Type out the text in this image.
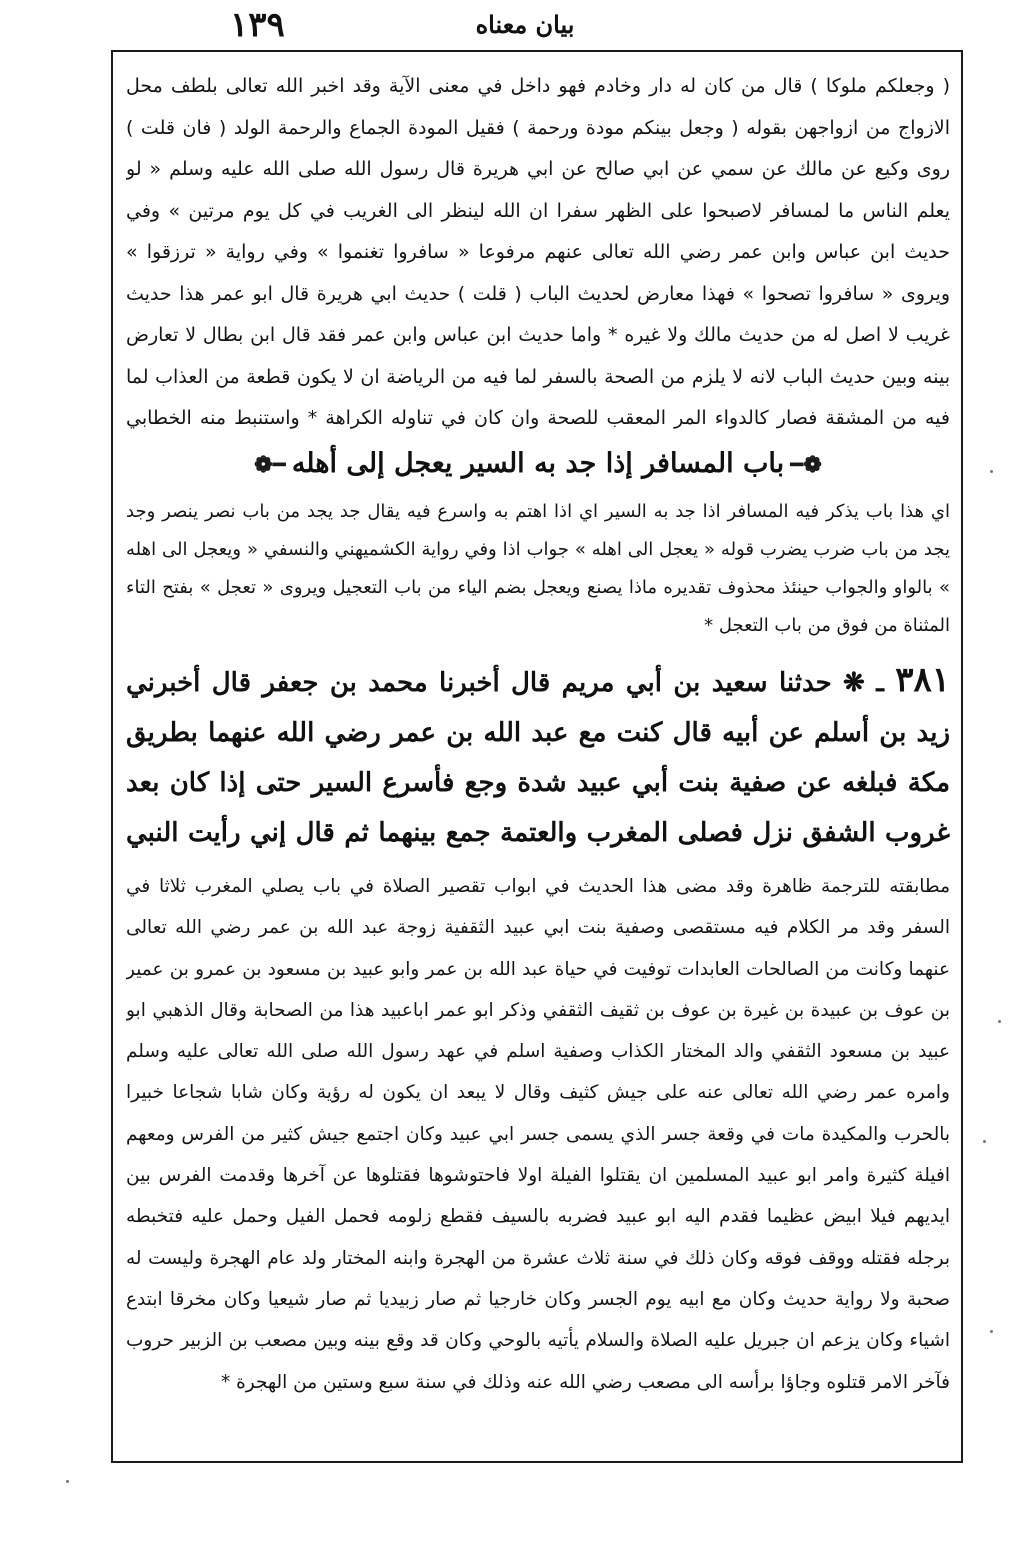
١٣٩	بيان معناه

( وجعلكم ملوكا ) قال من كان له دار وخادم فهو داخل في معنى الآية وقد اخبر الله تعالى بلطف محل الازواج من ازواجهن بقوله ( وجعل بينكم مودة ورحمة ) فقيل المودة الجماع والرحمة الولد ( فان قلت ) روى وكيع عن مالك عن سمي عن ابي صالح عن ابي هريرة قال رسول الله صلى الله عليه وسلم « لو يعلم الناس ما لمسافر لاصبحوا على الظهر سفرا ان الله لينظر الى الغريب في كل يوم مرتين » وفي حديث ابن عباس وابن عمر رضي الله تعالى عنهم مرفوعا « سافروا تغنموا » وفي رواية « ترزقوا » ويروى « سافروا تصحوا » فهذا معارض لحديث الباب ( قلت ) حديث ابي هريرة قال ابو عمر هذا حديث غريب لا اصل له من حديث مالك ولا غيره * واما حديث ابن عباس وابن عمر فقد قال ابن بطال لا تعارض بينه وبين حديث الباب لانه لا يلزم من الصحة بالسفر لما فيه من الرياضة ان لا يكون قطعة من العذاب لما فيه من المشقة فصار كالدواء المر المعقب للصحة وان كان في تناوله الكراهة * واستنبط منه الخطابي

❁━باب المسافر إذا جد به السير يعجل إلى أهله━❁

اي هذا باب يذكر فيه المسافر اذا جد به السير اي اذا اهتم به واسرع فيه يقال جد يجد من باب نصر ينصر وجد يجد من باب ضرب يضرب قوله « يعجل الى اهله » جواب اذا وفي رواية الكشميهني والنسفي « ويعجل الى اهله » بالواو والجواب حينئذ محذوف تقديره ماذا يصنع ويعجل بضم الياء من باب التعجيل ويروى « تعجل » بفتح التاء المثناة من فوق من باب التعجل *

٣٨١ ـ ❋ حدثنا سعيد بن أبي مريم قال أخبرنا محمد بن جعفر قال أخبرني زيد بن أسلم عن أبيه قال كنت مع عبد الله بن عمر رضي الله عنهما بطريق مكة فبلغه عن صفية بنت أبي عبيد شدة وجع فأسرع السير حتى إذا كان بعد غروب الشفق نزل فصلى المغرب والعتمة جمع بينهما ثم قال إني رأيت النبي

مطابقته للترجمة ظاهرة وقد مضى هذا الحديث في ابواب تقصير الصلاة في باب يصلي المغرب ثلاثا في السفر وقد مر الكلام فيه مستقصى وصفية بنت ابي عبيد الثقفية زوجة عبد الله بن عمر رضي الله تعالى عنهما وكانت من الصالحات العابدات توفيت في حياة عبد الله بن عمر وابو عبيد بن مسعود بن عمرو بن عمير بن عوف بن عبيدة بن غيرة بن عوف بن ثقيف الثقفي وذكر ابو عمر اباعبيد هذا من الصحابة وقال الذهبي ابو عبيد بن مسعود الثقفي والد المختار الكذاب وصفية اسلم في عهد رسول الله صلى الله تعالى عليه وسلم وامره عمر رضي الله تعالى عنه على جيش كثيف وقال لا يبعد ان يكون له رؤية وكان شابا شجاعا خبيرا بالحرب والمكيدة مات في وقعة جسر الذي يسمى جسر ابي عبيد وكان اجتمع جيش كثير من الفرس ومعهم افيلة كثيرة وامر ابو عبيد المسلمين ان يقتلوا الفيلة اولا فاحتوشوها فقتلوها عن آخرها وقدمت الفرس بين ايديهم فيلا ابيض عظيما فقدم اليه ابو عبيد فضربه بالسيف فقطع زلومه فحمل الفيل وحمل عليه فتخبطه برجله فقتله ووقف فوقه وكان ذلك في سنة ثلاث عشرة من الهجرة وابنه المختار ولد عام الهجرة وليست له صحبة ولا رواية حديث وكان مع ابيه يوم الجسر وكان خارجيا ثم صار زبيديا ثم صار شيعيا وكان مخرقا ابتدع اشياء وكان يزعم ان جبريل عليه الصلاة والسلام يأتيه بالوحي وكان قد وقع بينه وبين مصعب بن الزبير حروب فآخر الامر قتلوه وجاؤا برأسه الى مصعب رضي الله عنه وذلك في سنة سبع وستين من الهجرة *
